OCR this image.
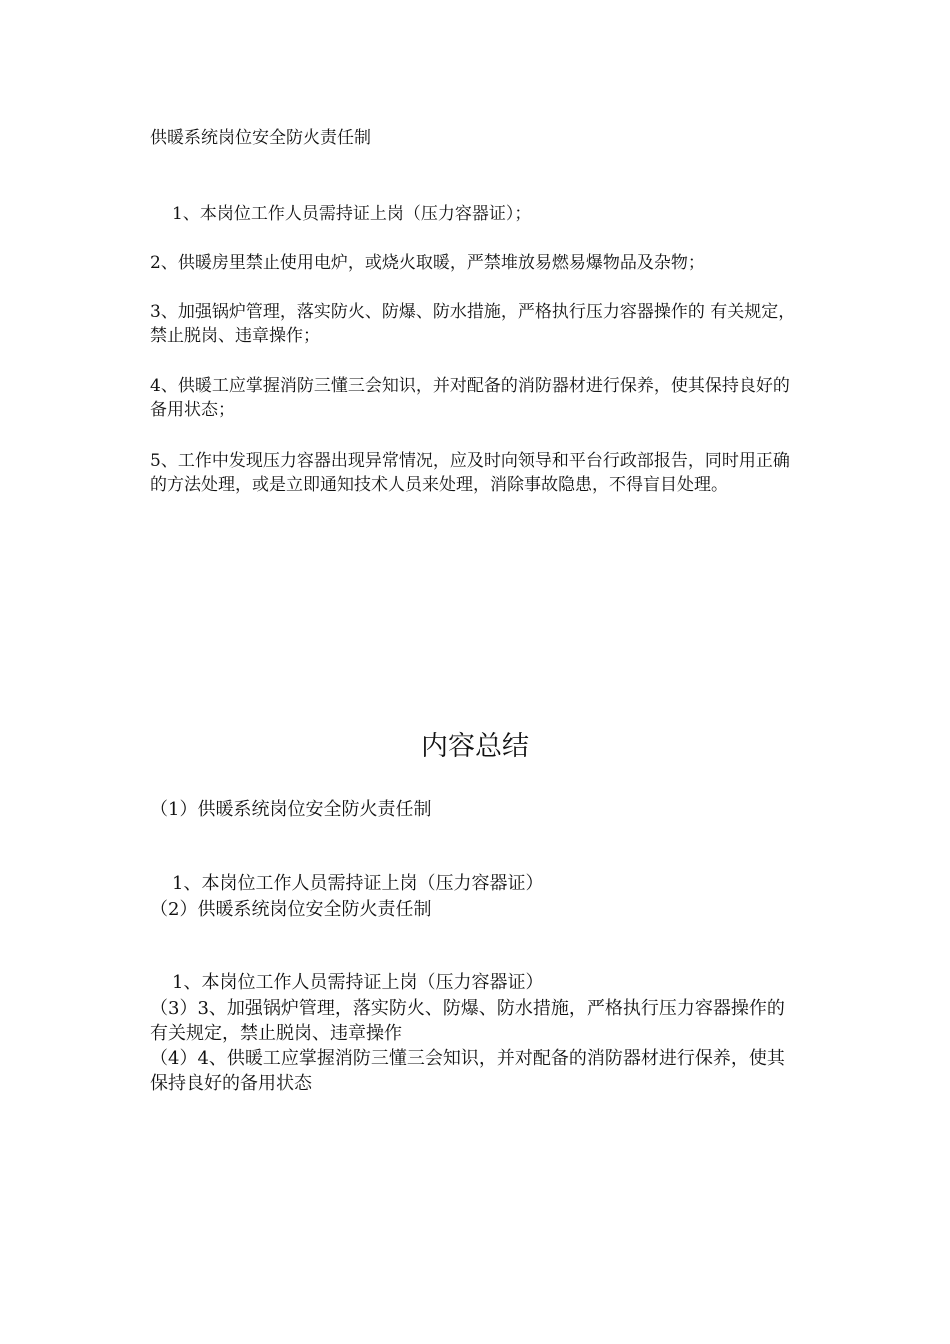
供暖系统岗位安全防火责任制

1、本岗位工作人员需持证上岗（压力容器证）；

2、供暖房里禁止使用电炉，或烧火取暖，严禁堆放易燃易爆物品及杂物；

3、加强锅炉管理，落实防火、防爆、防水措施，严格执行压力容器操作的 有关规定，禁止脱岗、违章操作；

4、供暖工应掌握消防三懂三会知识，并对配备的消防器材进行保养，使其保持良好的备用状态；

5、工作中发现压力容器出现异常情况，应及时向领导和平台行政部报告，同时用正确的方法处理，或是立即通知技术人员来处理，消除事故隐患，不得盲目处理。

内容总结

（1）供暖系统岗位安全防火责任制

1、本岗位工作人员需持证上岗（压力容器证）

（2）供暖系统岗位安全防火责任制

1、本岗位工作人员需持证上岗（压力容器证）

（3）3、加强锅炉管理，落实防火、防爆、防水措施，严格执行压力容器操作的 有关规定，禁止脱岗、违章操作

（4）4、供暖工应掌握消防三懂三会知识，并对配备的消防器材进行保养，使其保持良好的备用状态
